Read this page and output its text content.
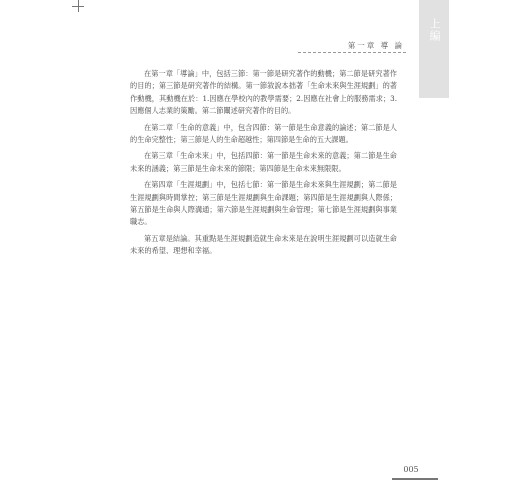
上編
第一章 導 論

在第一章「導論」中，包括三節：第一節是研究著作的動機；第二節是研究著作的目的；第三節是研究著作的結構。第一節敘說本拙著「生命未來與生涯規劃」的著作動機，其動機在於：1.因應在學校內的教學需要；2.因應在社會上的服務需求；3.因應個人志業的策勵。第二節闡述研究著作的目的。

在第二章「生命的意義」中，包含四節：第一節是生命意義的論述；第二節是人的生命完整性；第三節是人的生命超越性；第四節是生命的五大課題。

在第三章「生命未來」中，包括四節：第一節是生命未來的意義；第二節是生命未來的涵義；第三節是生命未來的節限；第四節是生命未來無限限。

在第四章「生涯規劃」中，包括七節：第一節是生命未來與生涯規劃；第二節是生涯規劃與時間掌控；第三節是生涯規劃與生命課題；第四節是生涯規劃與人際係；第五節是生命與人際溝通；第六節是生涯規劃與生命管理；第七節是生涯規劃與事業職志。

第五章是結論。其重點是生涯規劃造就生命未來是在說明生涯規劃可以造就生命未來的希望、理想和幸福。

005
